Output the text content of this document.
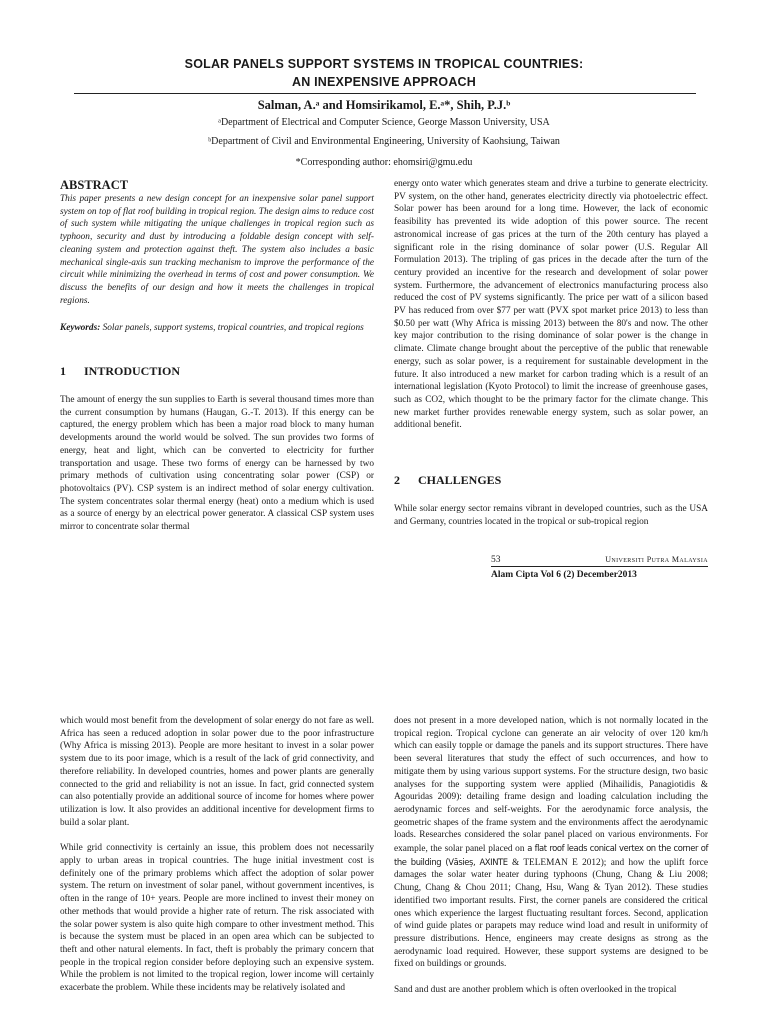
SOLAR PANELS SUPPORT SYSTEMS IN TROPICAL COUNTRIES:
AN INEXPENSIVE APPROACH
Salman, A.ᵃ and Homsirikamol, E.ᵃ*, Shih, P.J.ᵇ
ᵃDepartment of Electrical and Computer Science, George Masson University, USA
ᵇDepartment of Civil and Environmental Engineering, University of Kaohsiung, Taiwan
*Corresponding author: ehomsiri@gmu.edu
ABSTRACT

This paper presents a new design concept for an inexpensive solar panel support system on top of flat roof building in tropical region. The design aims to reduce cost of such system while mitigating the unique challenges in tropical region such as typhoon, security and dust by introducing a foldable design concept with self-cleaning system and protection against theft. The system also includes a basic mechanical single-axis sun tracking mechanism to improve the performance of the circuit while minimizing the overhead in terms of cost and power consumption. We discuss the benefits of our design and how it meets the challenges in tropical regions.

Keywords: Solar panels, support systems, tropical countries, and tropical regions

1 INTRODUCTION

The amount of energy the sun supplies to Earth is several thousand times more than the current consumption by humans (Haugan, G.-T. 2013). If this energy can be captured, the energy problem which has been a major road block to many human developments around the world would be solved. The sun provides two forms of energy, heat and light, which can be converted to electricity for further transportation and usage. These two forms of energy can be harnessed by two primary methods of cultivation using concentrating solar power (CSP) or photovoltaics (PV). CSP system is an indirect method of solar energy cultivation. The system concentrates solar thermal energy (heat) onto a medium which is used as a source of energy by an electrical power generator. A classical CSP system uses mirror to concentrate solar thermal

energy onto water which generates steam and drive a turbine to generate electricity. PV system, on the other hand, generates electricity directly via photoelectric effect. Solar power has been around for a long time. However, the lack of economic feasibility has prevented its wide adoption of this power source. The recent astronomical increase of gas prices at the turn of the 20th century has played a significant role in the rising dominance of solar power (U.S. Regular All Formulation 2013). The tripling of gas prices in the decade after the turn of the century provided an incentive for the research and development of solar power system. Furthermore, the advancement of electronics manufacturing process also reduced the cost of PV systems significantly. The price per watt of a silicon based PV has reduced from over $77 per watt (PVX spot market price 2013) to less than $0.50 per watt (Why Africa is missing 2013) between the 80's and now. The other key major contribution to the rising dominance of solar power is the change in climate. Climate change brought about the perceptive of the public that renewable energy, such as solar power, is a requirement for sustainable development in the future. It also introduced a new market for carbon trading which is a result of an international legislation (Kyoto Protocol) to limit the increase of greenhouse gases, such as CO2, which thought to be the primary factor for the climate change. This new market further provides renewable energy system, such as solar power, an additional benefit.

2 CHALLENGES

While solar energy sector remains vibrant in developed countries, such as the USA and Germany, countries located in the tropical or sub-tropical region

53	Universiti Putra Malaysia
Alam Cipta Vol 6 (2) December2013

which would most benefit from the development of solar energy do not fare as well. Africa has seen a reduced adoption in solar power due to the poor infrastructure (Why Africa is missing 2013). People are more hesitant to invest in a solar power system due to its poor image, which is a result of the lack of grid connectivity, and therefore reliability. In developed countries, homes and power plants are generally connected to the grid and reliability is not an issue. In fact, grid connected system can also potentially provide an additional source of income for homes where power utilization is low. It also provides an additional incentive for development firms to build a solar plant.

While grid connectivity is certainly an issue, this problem does not necessarily apply to urban areas in tropical countries. The huge initial investment cost is definitely one of the primary problems which affect the adoption of solar power system. The return on investment of solar panel, without government incentives, is often in the range of 10+ years. People are more inclined to invest their money on other methods that would provide a higher rate of return. The risk associated with the solar power system is also quite high compare to other investment method. This is because the system must be placed in an open area which can be subjected to theft and other natural elements. In fact, theft is probably the primary concern that people in the tropical region consider before deploying such an expensive system. While the problem is not limited to the tropical region, lower income will certainly exacerbate the problem. While these incidents may be relatively isolated and

does not present in a more developed nation, which is not normally located in the tropical region. Tropical cyclone can generate an air velocity of over 120 km/h which can easily topple or damage the panels and its support structures. There have been several literatures that study the effect of such occurrences, and how to mitigate them by using various support systems. For the structure design, two basic analyses for the supporting system were applied (Mihailidis, Panagiotidis & Agouridas 2009): detailing frame design and loading calculation including the aerodynamic forces and self-weights. For the aerodynamic force analysis, the geometric shapes of the frame system and the environments affect the aerodynamic loads. Researches considered the solar panel placed on various environments. For example, the solar panel placed on a flat roof leads conical vertex on the corner of the building (Văsieș, AXINTE & TELEMAN E 2012); and how the uplift force damages the solar water heater during typhoons (Chung, Chang & Liu 2008; Chung, Chang & Chou 2011; Chang, Hsu, Wang & Tyan 2012). These studies identified two important results. First, the corner panels are considered the critical ones which experience the largest fluctuating resultant forces. Second, application of wind guide plates or parapets may reduce wind load and result in uniformity of pressure distributions. Hence, engineers may create designs as strong as the aerodynamic load required. However, these support systems are designed to be fixed on buildings or grounds.

Sand and dust are another problem which is often overlooked in the tropical
